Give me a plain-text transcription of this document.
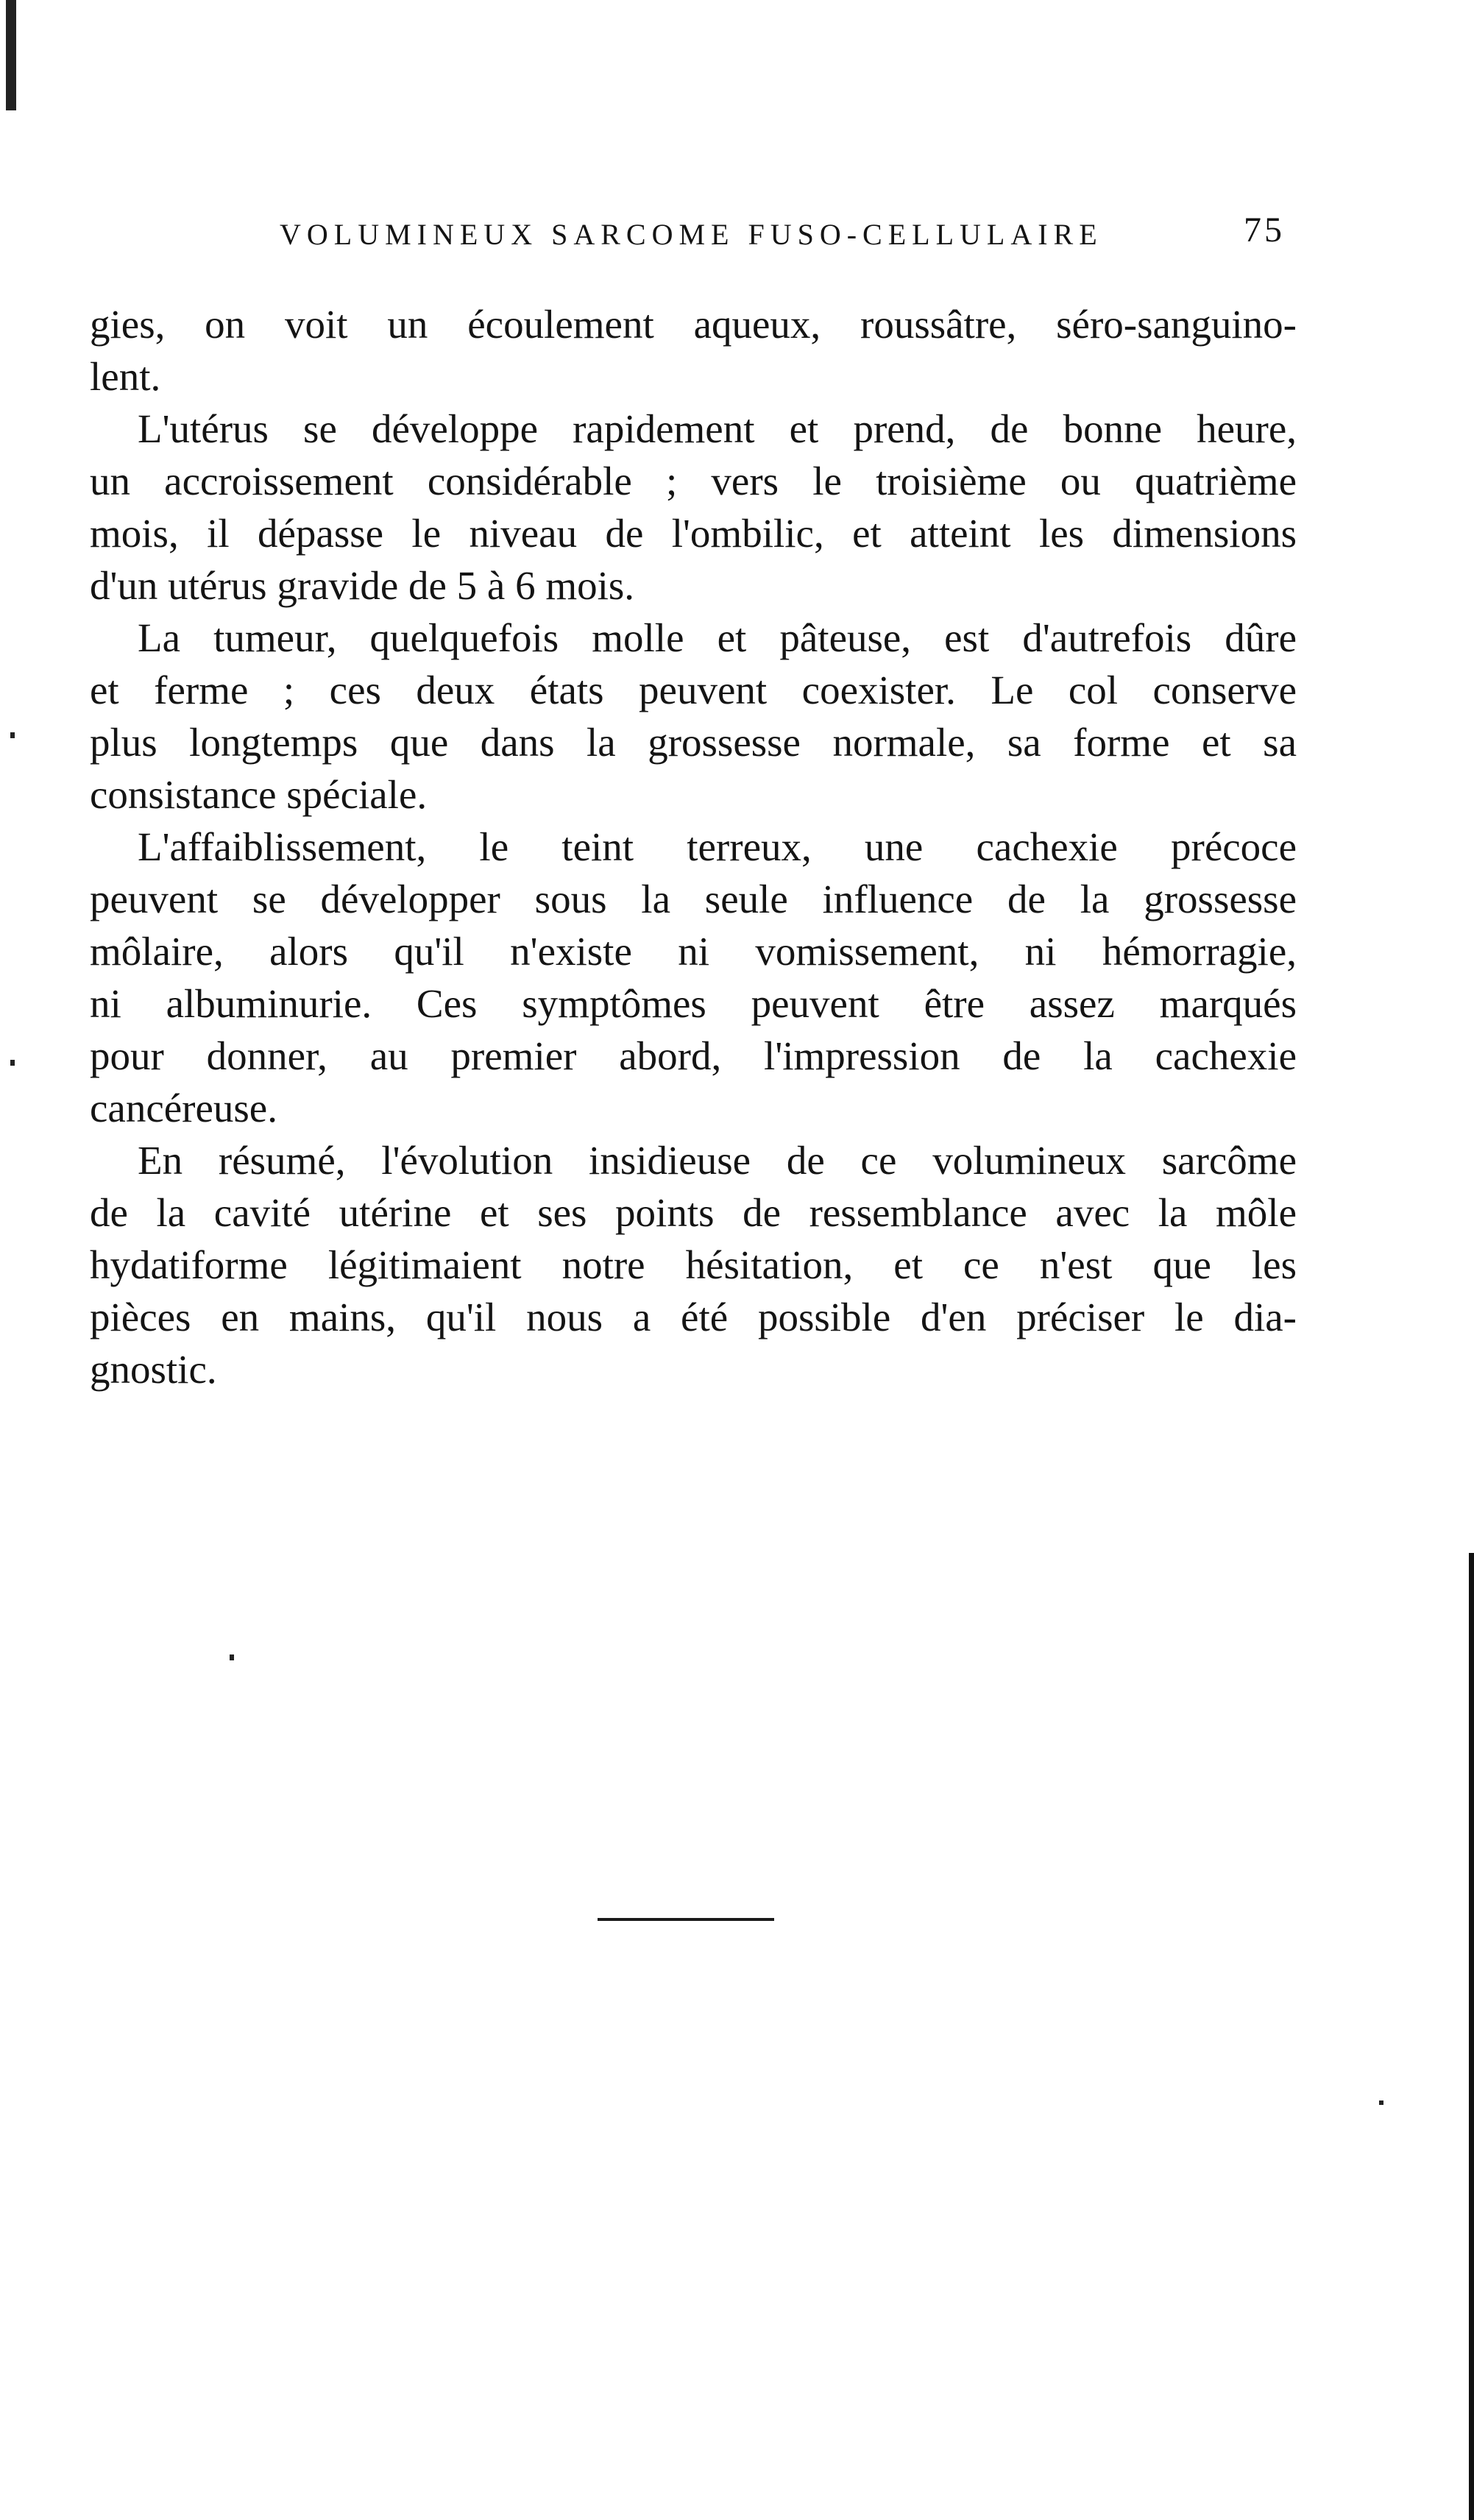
VOLUMINEUX SARCOME FUSO-CELLULAIRE	75
gies, on voit un écoulement aqueux, roussâtre, séro-sanguino-
lent.
L'utérus se développe rapidement et prend, de bonne heure,
un accroissement considérable ; vers le troisième ou quatrième
mois, il dépasse le niveau de l'ombilic, et atteint les dimensions
d'un utérus gravide de 5 à 6 mois.
La tumeur, quelquefois molle et pâteuse, est d'autrefois dûre
et ferme ; ces deux états peuvent coexister. Le col conserve
plus longtemps que dans la grossesse normale, sa forme et sa
consistance spéciale.
L'affaiblissement, le teint terreux, une cachexie précoce
peuvent se développer sous la seule influence de la grossesse
môlaire, alors qu'il n'existe ni vomissement, ni hémorragie,
ni albuminurie. Ces symptômes peuvent être assez marqués
pour donner, au premier abord, l'impression de la cachexie
cancéreuse.
En résumé, l'évolution insidieuse de ce volumineux sarcôme
de la cavité utérine et ses points de ressemblance avec la môle
hydatiforme légitimaient notre hésitation, et ce n'est que les
pièces en mains, qu'il nous a été possible d'en préciser le dia-
gnostic.
